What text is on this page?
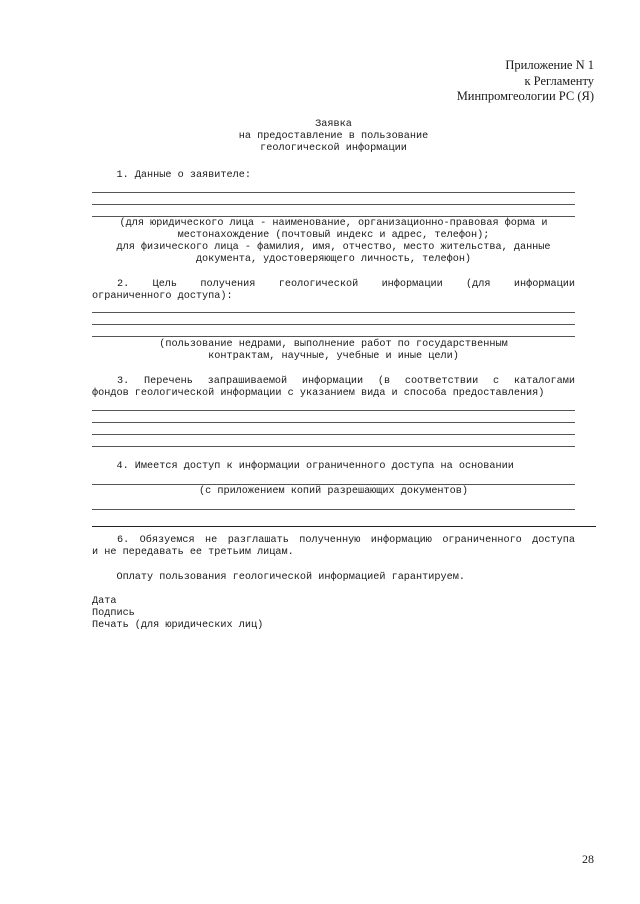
Приложение N 1
к Регламенту
Минпромгеологии РС (Я)
Заявка
на предоставление в пользование
геологической информации
1. Данные о заявителе:
(для юридического лица - наименование, организационно-правовая форма и
местонахождение (почтовый индекс и адрес, телефон);
для физического лица - фамилия, имя, отчество, место жительства, данные
документа, удостоверяющего личность, телефон)
2. Цель получения геологической информации (для информации
ограниченного доступа):
(пользование недрами, выполнение работ по государственным
контрактам, научные, учебные и иные цели)
3. Перечень запрашиваемой информации (в соответствии с каталогами
фондов геологической информации с указанием вида и способа предоставления)
4. Имеется доступ к информации ограниченного доступа на основании
(с приложением копий разрешающих документов)
6. Обязуемся не разглашать полученную информацию ограниченного доступа
и не передавать ее третьим лицам.
Оплату пользования геологической информацией гарантируем.
Дата
Подпись
Печать (для юридических лиц)
28
